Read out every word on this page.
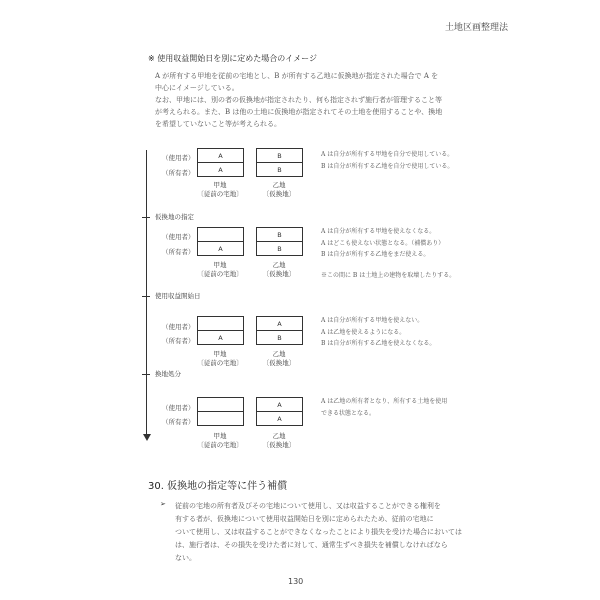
土地区画整理法
※ 使用収益開始日を別に定めた場合のイメージ
A が所有する甲地を従前の宅地とし、B が所有する乙地に仮換地が指定された場合で A を
中心にイメージしている。
なお、甲地には、別の者の仮換地が指定されたり、何も指定されず施行者が管理すること等
が考えられる。また、B は他の土地に仮換地が指定されてその土地を使用することや、換地
を希望していないこと等が考えられる。
（使用者）
（所有者）
A
A
B
B
甲地
〔従前の宅地〕
乙地
〔仮換地〕
A は自分が所有する甲地を自分で使用している。
B は自分が所有する乙地を自分で使用している。
仮換地の指定
（使用者）
（所有者）	A
B
B
甲地
〔従前の宅地〕
乙地
〔仮換地〕
A は自分が所有する甲地を使えなくなる。
A はどこも使えない状態となる。（補償あり）
B は自分が所有する乙地をまだ使える。
※この間に B は土地上の建物を取壊したりする。
使用収益開始日
（使用者）
（所有者）	A
A
B
甲地
〔従前の宅地〕
乙地
〔仮換地〕
A は自分が所有する甲地を使えない。
A は乙地を使えるようになる。
B は自分が所有する乙地を使えなくなる。
換地処分
（使用者）
（所有者）
A
A
甲地
〔従前の宅地〕
乙地
〔仮換地〕
A は乙地の所有者となり、所有する土地を使用
できる状態となる。
30. 仮換地の指定等に伴う補償
➢ 従前の宅地の所有者及びその宅地について使用し、又は収益することができる権利を
有する者が、仮換地について使用収益開始日を別に定められたため、従前の宅地に
ついて使用し、又は収益することができなくなったことにより損失を受けた場合においては
は、施行者は、その損失を受けた者に対して、通常生ずべき損失を補償しなければなら
ない。
130
